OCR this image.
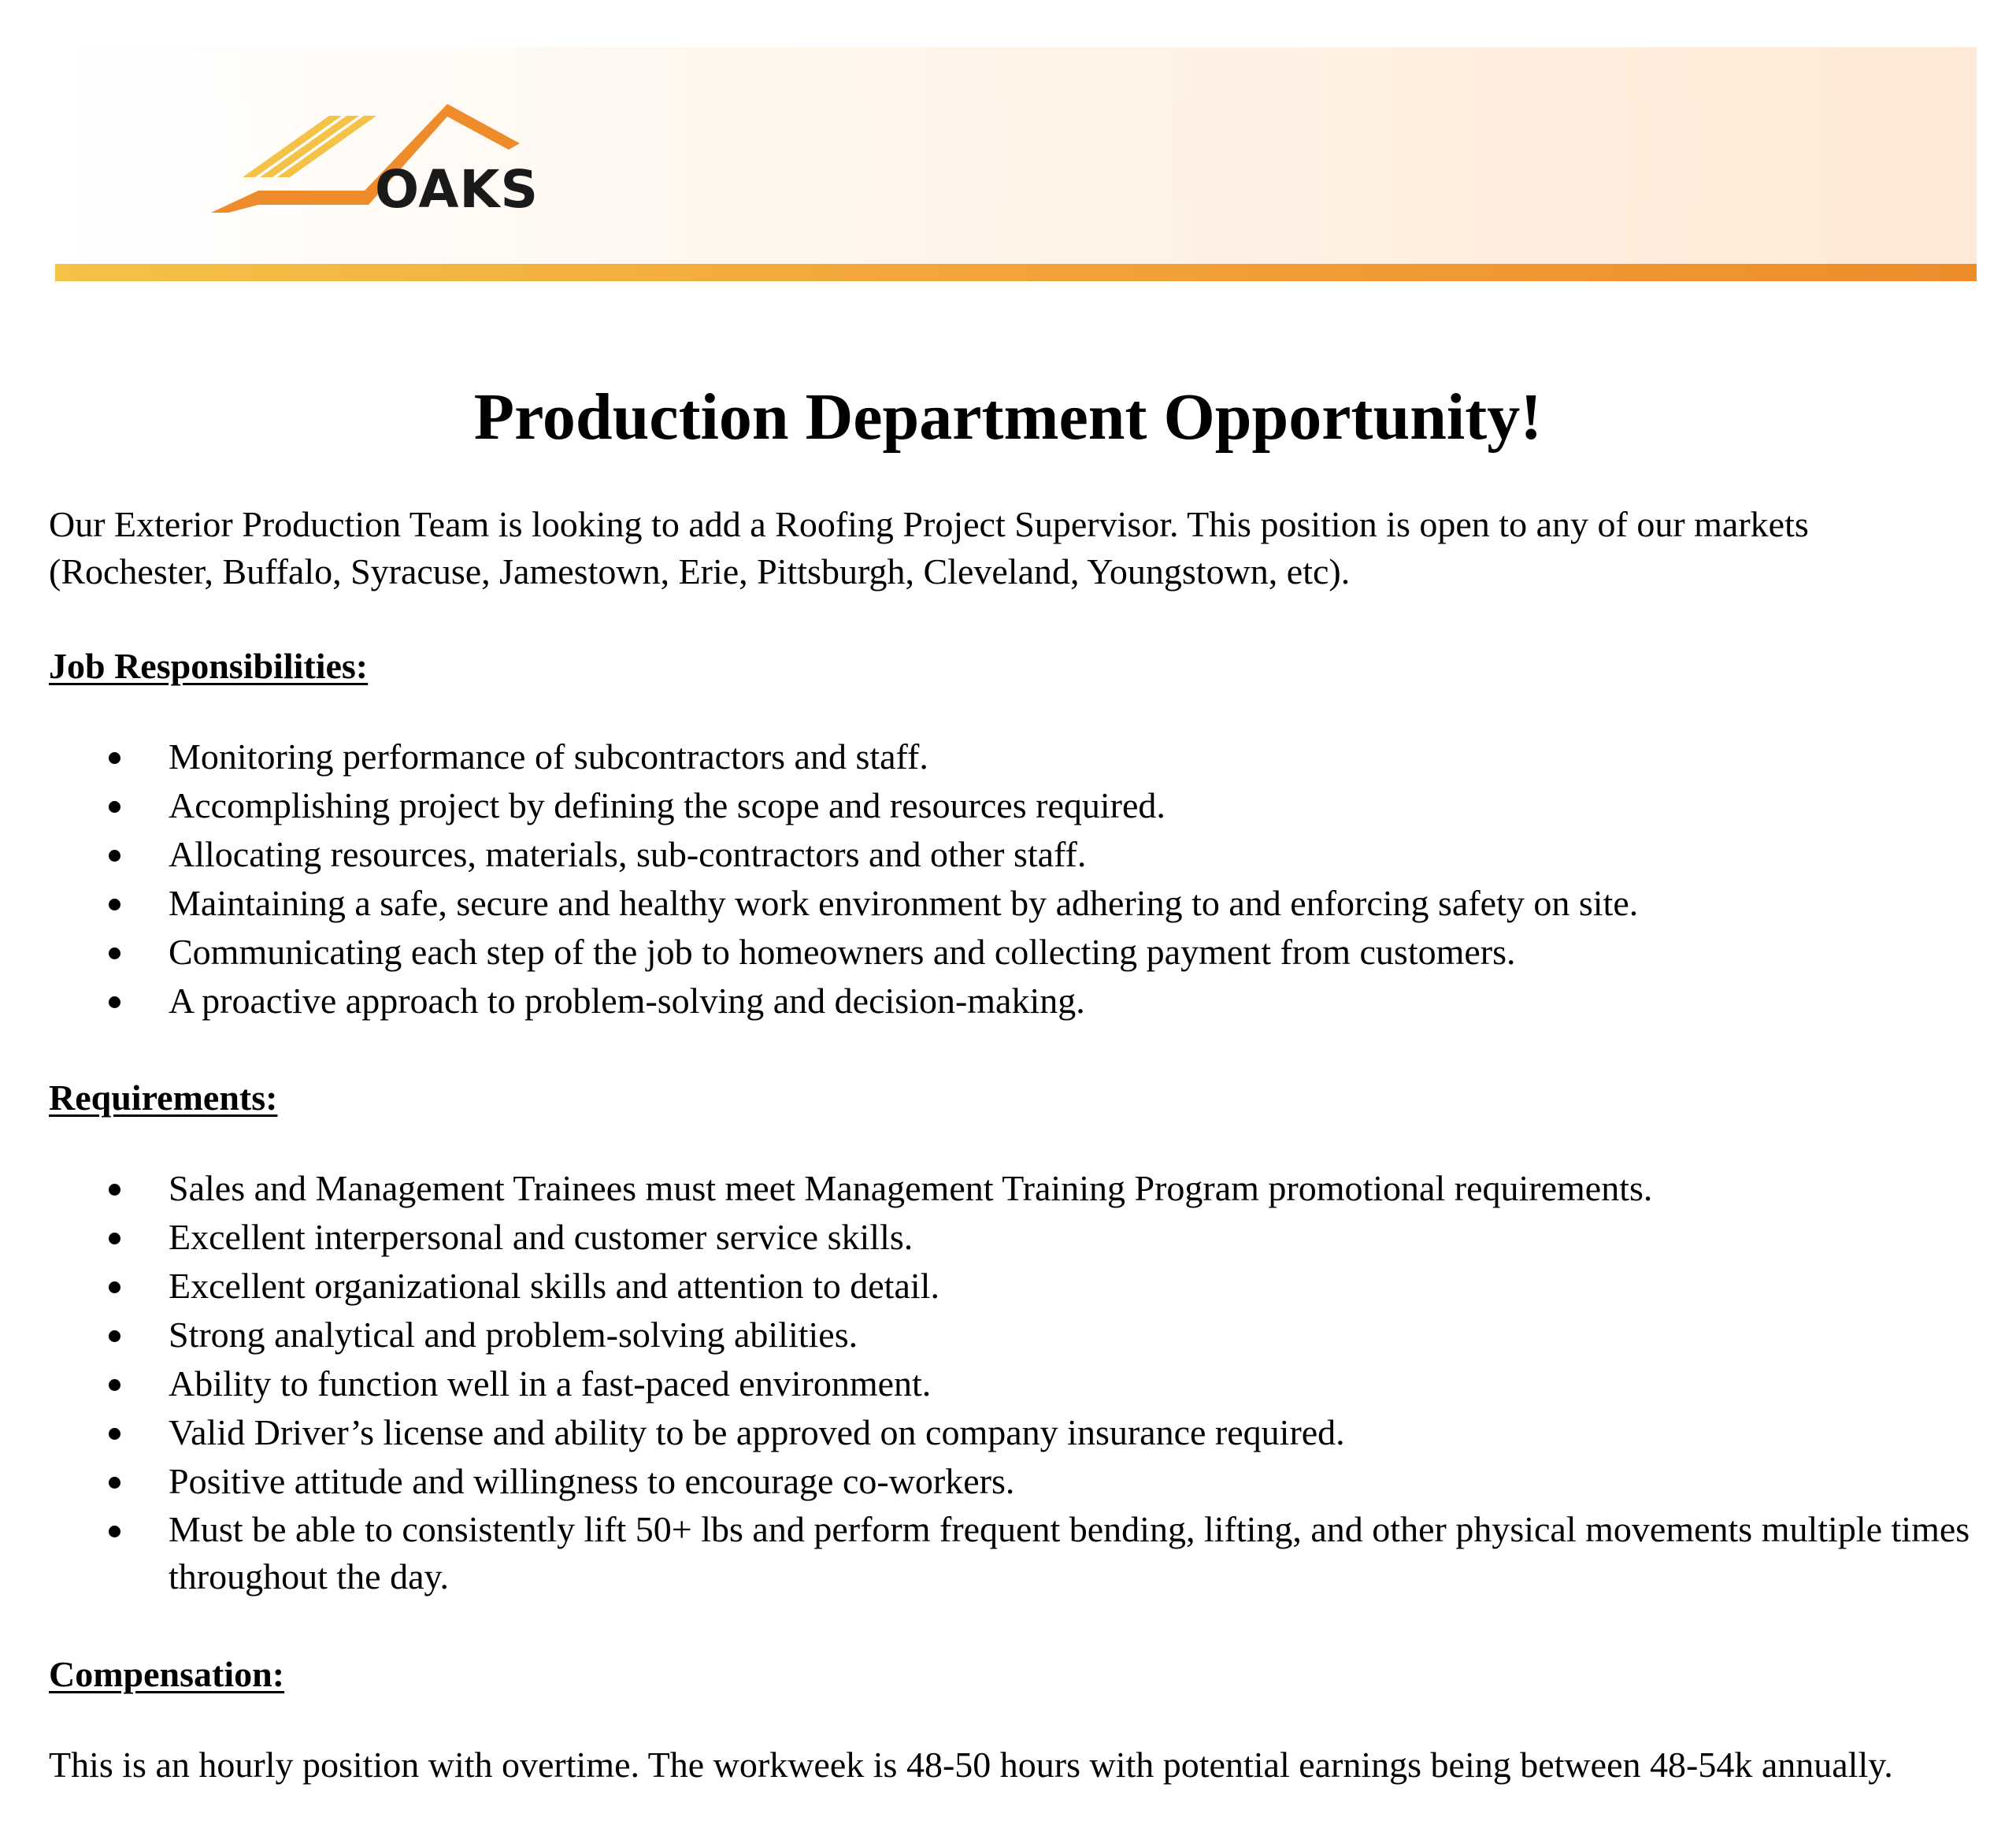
OAKS
Production Department Opportunity!

Our Exterior Production Team is looking to add a Roofing Project Supervisor. This position is open to any of our markets (Rochester, Buffalo, Syracuse, Jamestown, Erie, Pittsburgh, Cleveland, Youngstown, etc).

Job Responsibilities:
Monitoring performance of subcontractors and staff.
Accomplishing project by defining the scope and resources required.
Allocating resources, materials, sub-contractors and other staff.
Maintaining a safe, secure and healthy work environment by adhering to and enforcing safety on site.
Communicating each step of the job to homeowners and collecting payment from customers.
A proactive approach to problem-solving and decision-making.
Requirements:
Sales and Management Trainees must meet Management Training Program promotional requirements.
Excellent interpersonal and customer service skills.
Excellent organizational skills and attention to detail.
Strong analytical and problem-solving abilities.
Ability to function well in a fast-paced environment.
Valid Driver’s license and ability to be approved on company insurance required.
Positive attitude and willingness to encourage co-workers.
Must be able to consistently lift 50+ lbs and perform frequent bending, lifting, and other physical movements multiple times throughout the day.
Compensation:

This is an hourly position with overtime. The workweek is 48-50 hours with potential earnings being between 48-54k annually.
